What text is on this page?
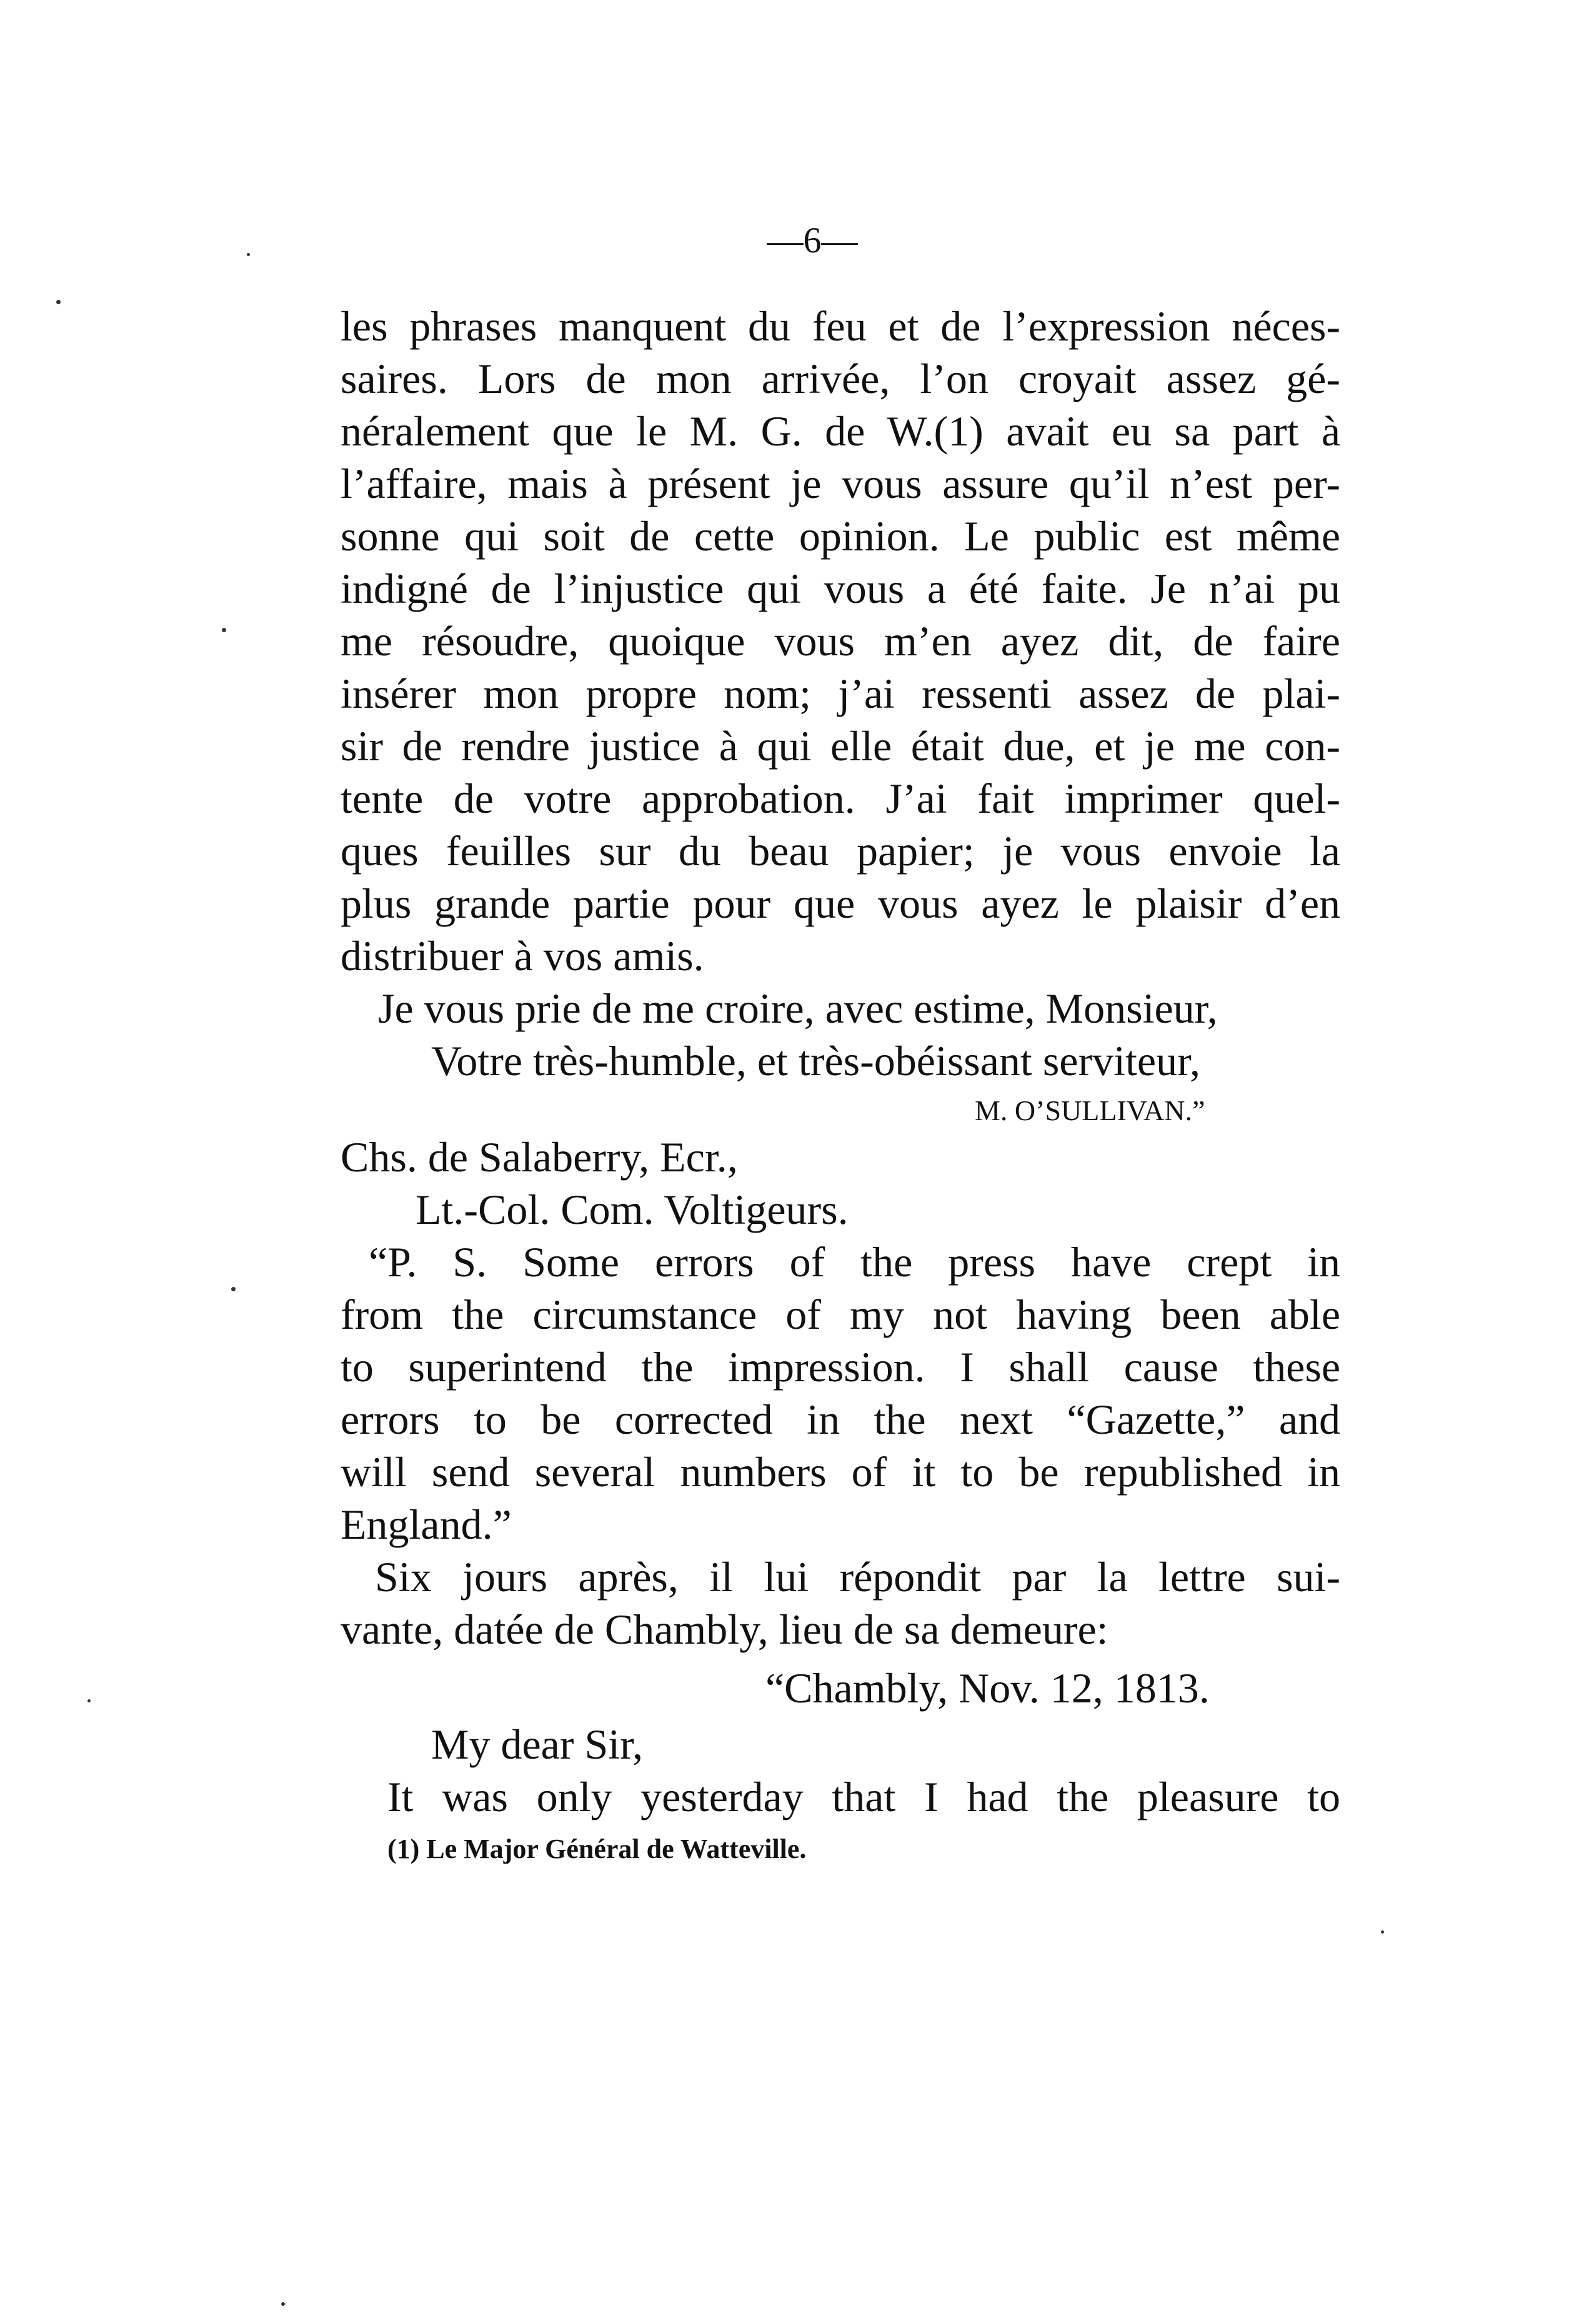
—6—
les phrases manquent du feu et de l’expression néces-
saires. Lors de mon arrivée, l’on croyait assez gé-
néralement que le M. G. de W.(1) avait eu sa part à
l’affaire, mais à présent je vous assure qu’il n’est per-
sonne qui soit de cette opinion. Le public est même
indigné de l’injustice qui vous a été faite. Je n’ai pu
me résoudre, quoique vous m’en ayez dit, de faire
insérer mon propre nom; j’ai ressenti assez de plai-
sir de rendre justice à qui elle était due, et je me con-
tente de votre approbation. J’ai fait imprimer quel-
ques feuilles sur du beau papier; je vous envoie la
plus grande partie pour que vous ayez le plaisir d’en
distribuer à vos amis.
Je vous prie de me croire, avec estime, Monsieur,
Votre très-humble, et très-obéissant serviteur,
M. O’SULLIVAN.”
Chs. de Salaberry, Ecr.,
Lt.-Col. Com. Voltigeurs.
“P. S. Some errors of the press have crept in
from the circumstance of my not having been able
to superintend the impression. I shall cause these
errors to be corrected in the next “Gazette,” and
will send several numbers of it to be republished in
England.”
Six jours après, il lui répondit par la lettre sui-
vante, datée de Chambly, lieu de sa demeure:
“Chambly, Nov. 12, 1813.
My dear Sir,
It was only yesterday that I had the pleasure to
(1) Le Major Général de Watteville.
